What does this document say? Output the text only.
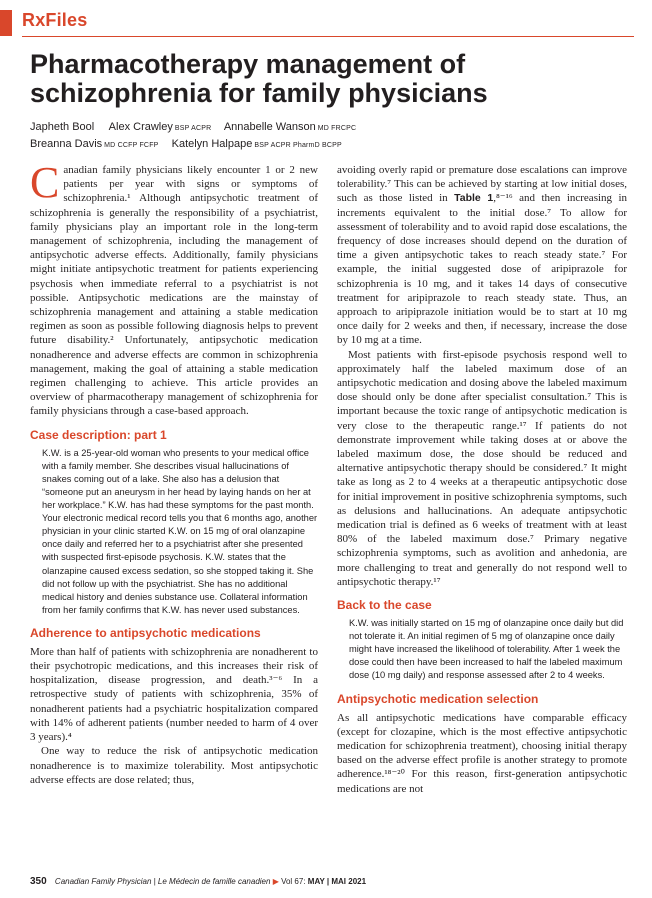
RxFiles
Pharmacotherapy management of schizophrenia for family physicians
Japheth Bool Alex Crawley BSP ACPR Annabelle Wanson MD FRCPC
Breanna Davis MD CCFP FCFP Katelyn Halpape BSP ACPR PharmD BCPP

Canadian family physicians likely encounter 1 or 2 new patients per year with signs or symptoms of schizophrenia.¹ Although antipsychotic treatment of schizophrenia is generally the responsibility of a psychiatrist, family physicians play an important role in the long-term management of schizophrenia, including the management of antipsychotic adverse effects. Additionally, family physicians might initiate antipsychotic treatment for patients experiencing psychosis when immediate referral to a psychiatrist is not possible. Antipsychotic medications are the mainstay of schizophrenia management and attaining a stable medication regimen as soon as possible following diagnosis helps to prevent future disability.² Unfortunately, antipsychotic medication nonadherence and adverse effects are common in schizophrenia management, making the goal of attaining a stable medication regimen challenging to achieve. This article provides an overview of pharmacotherapy management of schizophrenia for family physicians through a case-based approach.

Case description: part 1

K.W. is a 25-year-old woman who presents to your medical office with a family member. She describes visual hallucinations of snakes coming out of a lake. She also has a delusion that “someone put an aneurysm in her head by laying hands on her at her workplace.” K.W. has had these symptoms for the past month. Your electronic medical record tells you that 6 months ago, another physician in your clinic started K.W. on 15 mg of oral olanzapine once daily and referred her to a psychiatrist after she presented with suspected first-episode psychosis. K.W. states that the olanzapine caused excess sedation, so she stopped taking it. She did not follow up with the psychiatrist. She has no additional medical history and denies substance use. Collateral information from her family confirms that K.W. has never used substances.

Adherence to antipsychotic medications

More than half of patients with schizophrenia are nonadherent to their psychotropic medications, and this increases their risk of hospitalization, disease progression, and death.³⁻⁶ In a retrospective study of patients with schizophrenia, 35% of nonadherent patients had a psychiatric hospitalization compared with 14% of adherent patients (number needed to harm of 4 over 3 years).⁴

One way to reduce the risk of antipsychotic medication nonadherence is to maximize tolerability. Most antipsychotic adverse effects are dose related; thus,

avoiding overly rapid or premature dose escalations can improve tolerability.⁷ This can be achieved by starting at low initial doses, such as those listed in Table 1,⁸⁻¹⁶ and then increasing in increments equivalent to the initial dose.⁷ To allow for assessment of tolerability and to avoid rapid dose escalations, the frequency of dose increases should depend on the duration of time a given antipsychotic takes to reach steady state.⁷ For example, the initial suggested dose of aripiprazole for schizophrenia is 10 mg, and it takes 14 days of consecutive treatment for aripiprazole to reach steady state. Thus, an approach to aripiprazole initiation would be to start at 10 mg once daily for 2 weeks and then, if necessary, increase the dose by 10 mg at a time.

Most patients with first-episode psychosis respond well to approximately half the labeled maximum dose of an antipsychotic medication and dosing above the labeled maximum dose should only be done after specialist consultation.⁷ This is important because the toxic range of antipsychotic medication is very close to the therapeutic range.¹⁷ If patients do not demonstrate improvement while taking doses at or above the labeled maximum dose, the dose should be reduced and alternative antipsychotic therapy should be considered.⁷ It might take as long as 2 to 4 weeks at a therapeutic antipsychotic dose for initial improvement in positive schizophrenia symptoms, such as delusions and hallucinations. An adequate antipsychotic medication trial is defined as 6 weeks of treatment with at least 80% of the labeled maximum dose.⁷ Primary negative schizophrenia symptoms, such as avolition and anhedonia, are more challenging to treat and generally do not respond well to antipsychotic therapy.¹⁷

Back to the case

K.W. was initially started on 15 mg of olanzapine once daily but did not tolerate it. An initial regimen of 5 mg of olanzapine once daily might have increased the likelihood of tolerability. After 1 week the dose could then have been increased to half the labeled maximum dose (10 mg daily) and response assessed after 2 to 4 weeks.

Antipsychotic medication selection

As all antipsychotic medications have comparable efficacy (except for clozapine, which is the most effective antipsychotic medication for schizophrenia treatment), choosing initial therapy based on the adverse effect profile is another strategy to promote adherence.¹⁸⁻²⁰ For this reason, first-generation antipsychotic medications are not

350 Canadian Family Physician | Le Médecin de famille canadien ▶ Vol 67: MAY | MAI 2021
